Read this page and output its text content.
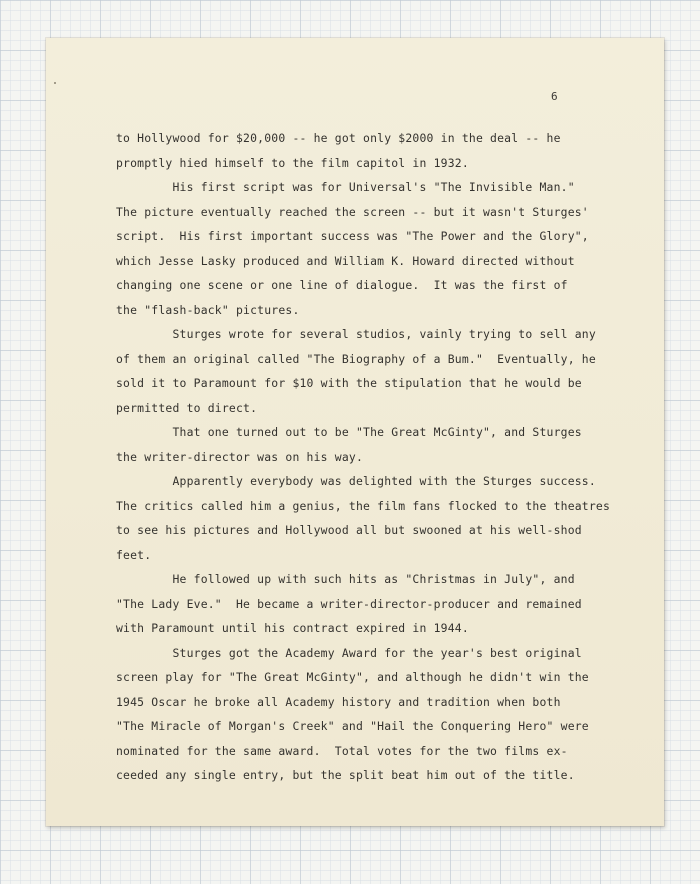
6
to Hollywood for $20,000 -- he got only $2000 in the deal -- he
promptly hied himself to the film capitol in 1932.
His first script was for Universal's "The Invisible Man."
The picture eventually reached the screen -- but it wasn't Sturges'
script.  His first important success was "The Power and the Glory",
which Jesse Lasky produced and William K. Howard directed without
changing one scene or one line of dialogue.  It was the first of
the "flash-back" pictures.
Sturges wrote for several studios, vainly trying to sell any
of them an original called "The Biography of a Bum."  Eventually, he
sold it to Paramount for $10 with the stipulation that he would be
permitted to direct.
That one turned out to be "The Great McGinty", and Sturges
the writer-director was on his way.
Apparently everybody was delighted with the Sturges success.
The critics called him a genius, the film fans flocked to the theatres
to see his pictures and Hollywood all but swooned at his well-shod
feet.
He followed up with such hits as "Christmas in July", and
"The Lady Eve."  He became a writer-director-producer and remained
with Paramount until his contract expired in 1944.
Sturges got the Academy Award for the year's best original
screen play for "The Great McGinty", and although he didn't win the
1945 Oscar he broke all Academy history and tradition when both
"The Miracle of Morgan's Creek" and "Hail the Conquering Hero" were
nominated for the same award.  Total votes for the two films ex-
ceeded any single entry, but the split beat him out of the title.
